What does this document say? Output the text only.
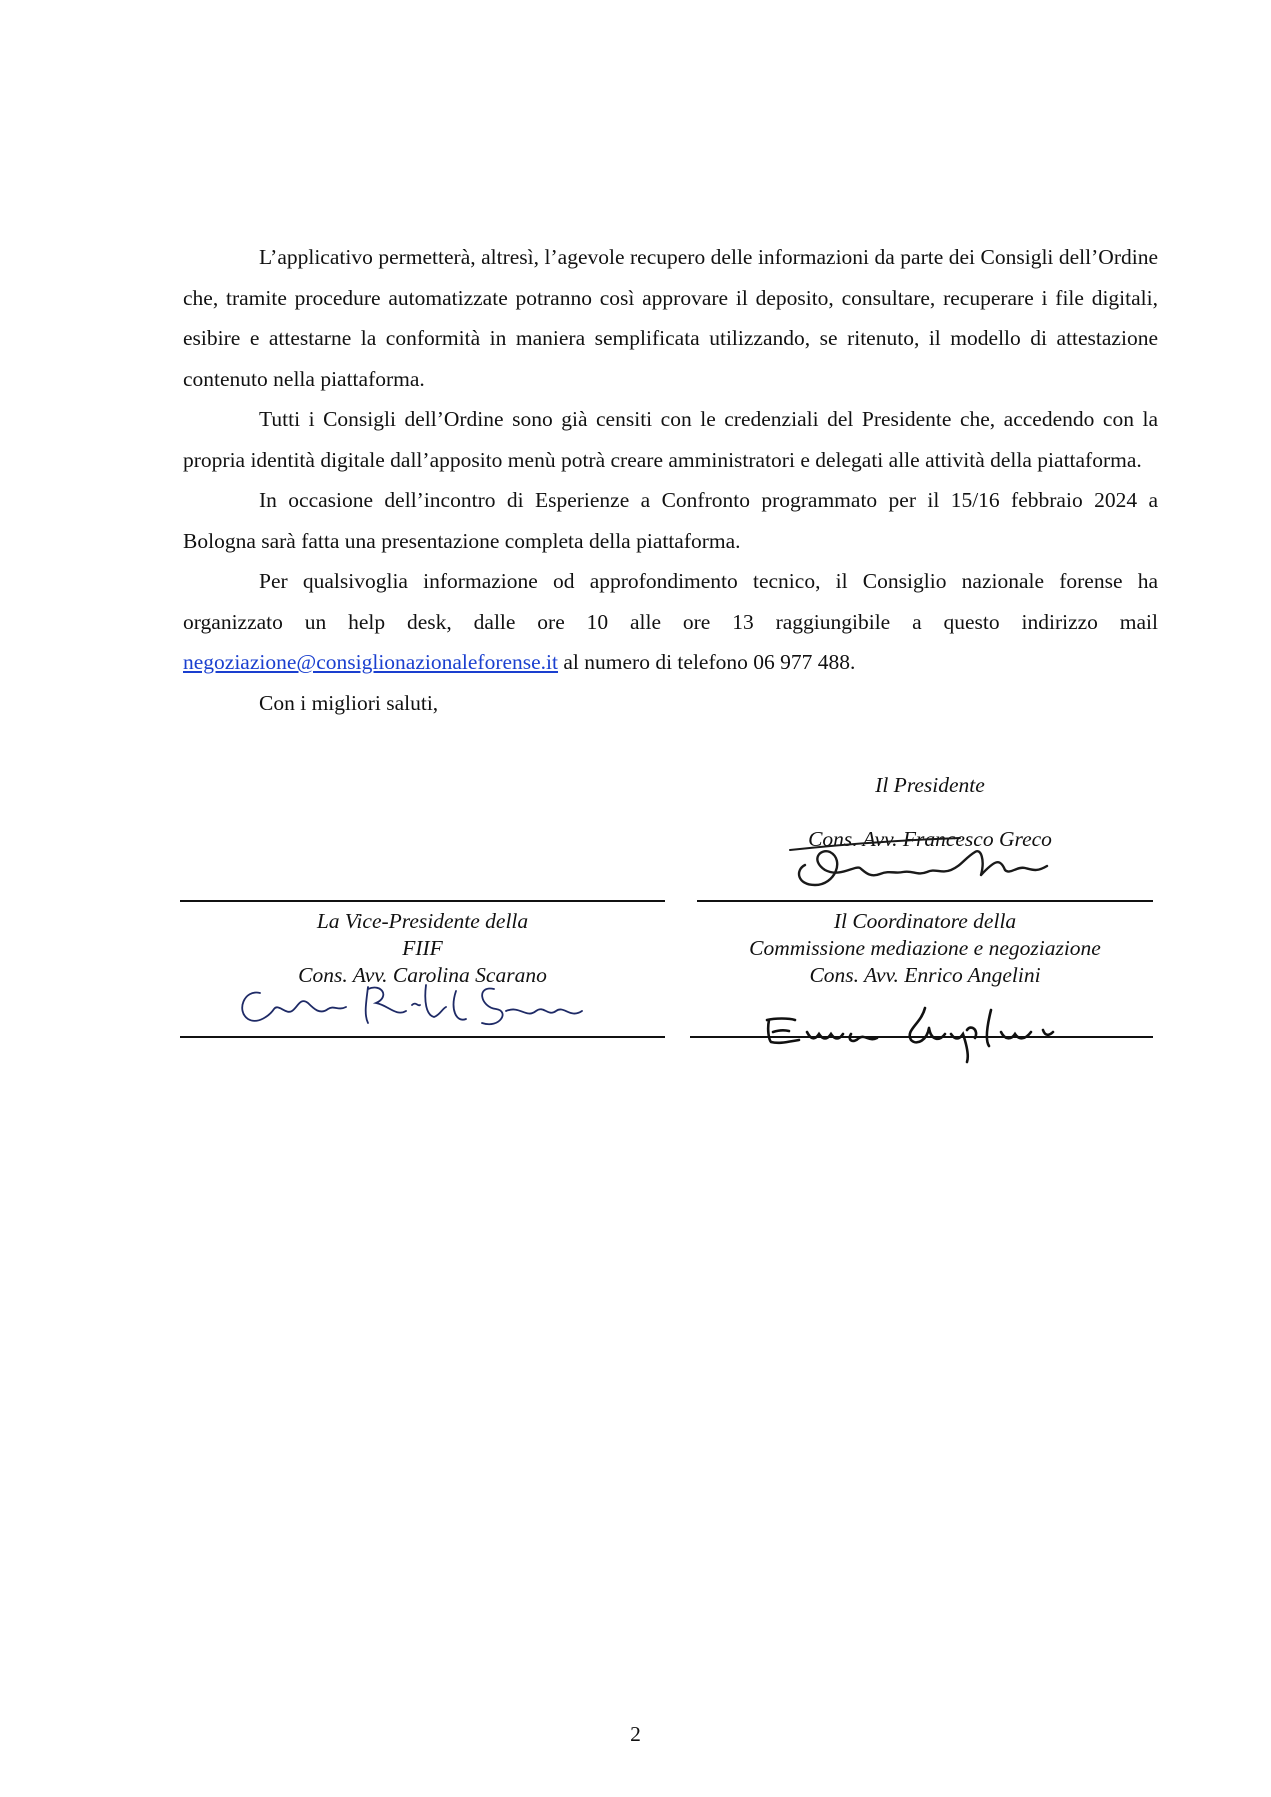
L’applicativo permetterà, altresì, l’agevole recupero delle informazioni da parte dei Consigli dell’Ordine che, tramite procedure automatizzate potranno così approvare il deposito, consultare, recuperare i file digitali, esibire e attestarne la conformità in maniera semplificata utilizzando, se ritenuto, il modello di attestazione contenuto nella piattaforma.

Tutti i Consigli dell’Ordine sono già censiti con le credenziali del Presidente che, accedendo con la propria identità digitale dall’apposito menù potrà creare amministratori e delegati alle attività della piattaforma.

In occasione dell’incontro di Esperienze a Confronto programmato per il 15/16 febbraio 2024 a Bologna sarà fatta una presentazione completa della piattaforma.

Per qualsivoglia informazione od approfondimento tecnico, il Consiglio nazionale forense ha organizzato un help desk, dalle ore 10 alle ore 13 raggiungibile a questo indirizzo mail negoziazione@consiglionazionaleforense.it al numero di telefono 06 977 488.

Con i migliori saluti,

Il Presidente
Cons. Avv. Francesco Greco
La Vice-Presidente della
FIIF
Cons. Avv. Carolina Scarano
Il Coordinatore della
Commissione mediazione e negoziazione
Cons. Avv. Enrico Angelini
2
